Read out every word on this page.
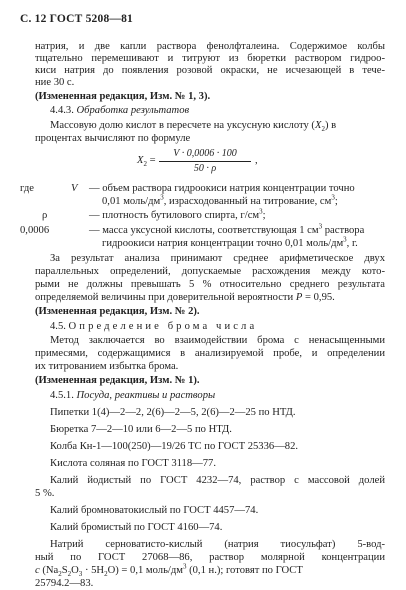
С. 12 ГОСТ 5208—81
натрия, и две капли раствора фенолфталеина. Содержимое колбы
тщательно перемешивают и титруют из бюретки раствором гидроо-
киси натрия до появления розовой окраски, не исчезающей в тече-
ние 30 с.
(Измененная редакция, Изм. № 1, 3).
4.4.3. Обработка результатов
Массовую долю кислот в пересчете на уксусную кислоту $(X_2)$ в
процентах вычисляют по формуле
$X_2$ =
V · 0,0006 · 100
50 · ρ
,
где	V — объем раствора гидроокиси натрия концентрации точно
0,01 моль/$дм^3$, израсходованный на титрование, $см^3$;
ρ	— плотность бутилового спирта, $г/см^3$;
0,0006	— масса уксусной кислоты, соответствующая 1 $см^3$ раствора
гидроокиси натрия концентрации точно 0,01 моль/$дм^3$, г.
За результат анализа принимают среднее арифметическое двух
параллельных определений, допускаемые расхождения между кото-
рыми не должны превышать 5 % относительно среднего результата
определяемой величины при доверительной вероятности P = 0,95.
(Измененная редакция, Изм. № 2).
4.5. Определение брома числа
Метод заключается во взаимодействии брома с ненасыщенными
примесями, содержащимися в анализируемой пробе, и определении
их титрованием избытка брома.
(Измененная редакция, Изм. № 1).
4.5.1. Посуда, реактивы и растворы
Пипетки 1(4)—2—2, 2(6)—2—5, 2(6)—2—25 по НТД.
Бюретка 7—2—10 или 6—2—5 по НТД.
Колба Кн-1—100(250)—19/26 ТС по ГОСТ 25336—82.
Кислота соляная по ГОСТ 3118—77.
Калий йодистый по ГОСТ 4232—74, раствор с массовой долей
5 %.
Калий бромноватокислый по ГОСТ 4457—74.
Калий бромистый по ГОСТ 4160—74.
Натрий серноватисто-кислый (натрия тиосульфат) 5-вод-
ный по ГОСТ 27068—86, раствор молярной концентрации
c $(Na_2S_2O_3 \cdot 5H_2O) = 0,1$ моль/$дм^3$ (0,1 н.); готовят по ГОСТ
25794.2—83.
